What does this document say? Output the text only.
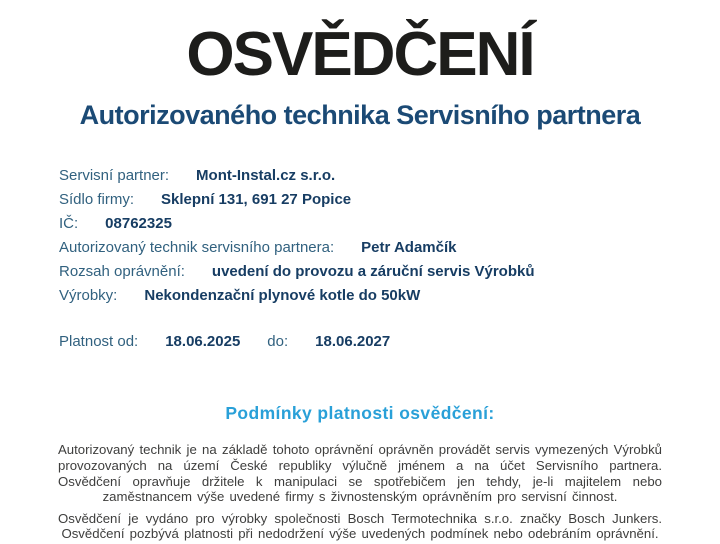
OSVĚDČENÍ
Autorizovaného technika Servisního partnera
Servisní partner: Mont-Instal.cz s.r.o.
Sídlo firmy: Sklepní 131, 691 27 Popice
IČ: 08762325
Autorizovaný technik servisního partnera: Petr Adamčík
Rozsah oprávnění: uvedení do provozu a záruční servis Výrobků
Výrobky: Nekondenzační plynové kotle do 50kW
Platnost od: 18.06.2025 do: 18.06.2027
Podmínky platnosti osvědčení:

Autorizovaný technik je na základě tohoto oprávnění oprávněn provádět servis vymezených Výrobků provozovaných na území České republiky výlučně jménem a na účet Servisního partnera. Osvědčení opravňuje držitele k manipulaci se spotřebičem jen tehdy, je-li majitelem nebo zaměstnancem výše uvedené firmy s živnostenským oprávněním pro servisní činnost.

Osvědčení je vydáno pro výrobky společnosti Bosch Termotechnika s.r.o. značky Bosch Junkers. Osvědčení pozbývá platnosti při nedodržení výše uvedených podmínek nebo odebráním oprávnění.
